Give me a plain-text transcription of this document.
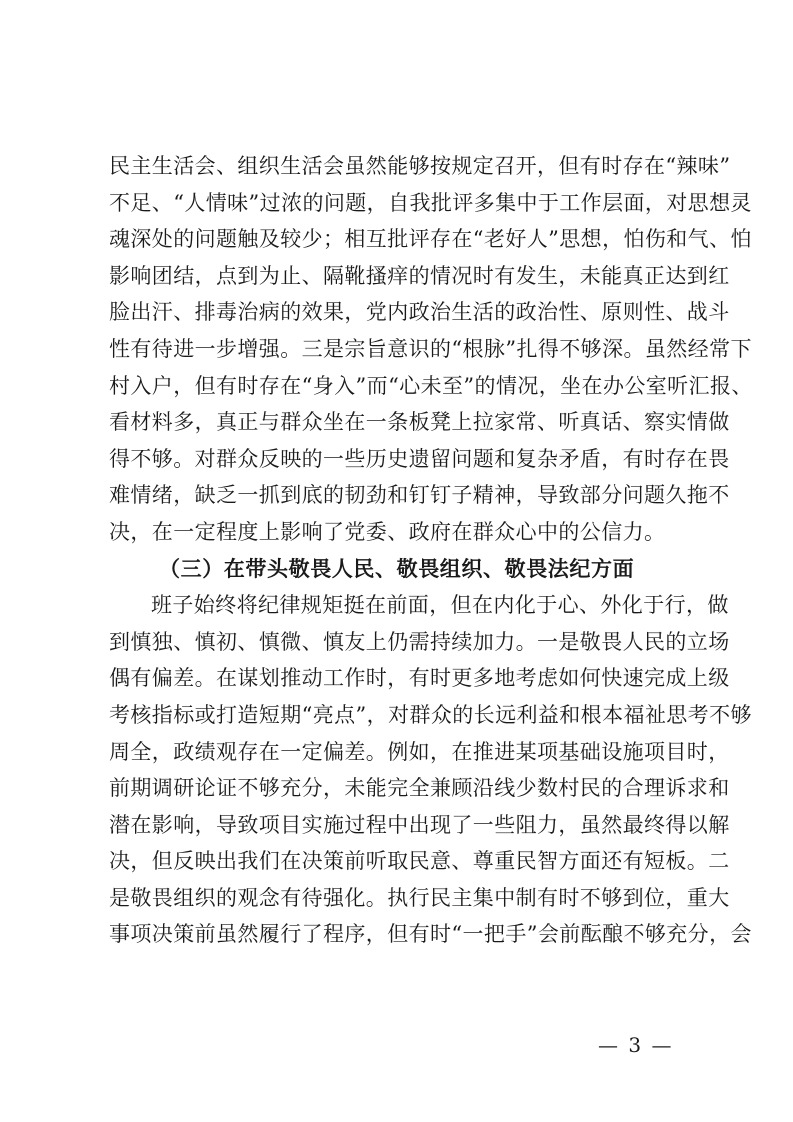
民主生活会、组织生活会虽然能够按规定召开，但有时存在“辣味”
不足、“人情味”过浓的问题，自我批评多集中于工作层面，对思想灵
魂深处的问题触及较少；相互批评存在“老好人”思想，怕伤和气、怕
影响团结，点到为止、隔靴搔痒的情况时有发生，未能真正达到红
脸出汗、排毒治病的效果，党内政治生活的政治性、原则性、战斗
性有待进一步增强。三是宗旨意识的“根脉”扎得不够深。虽然经常下
村入户，但有时存在“身入”而“心未至”的情况，坐在办公室听汇报、
看材料多，真正与群众坐在一条板凳上拉家常、听真话、察实情做
得不够。对群众反映的一些历史遗留问题和复杂矛盾，有时存在畏
难情绪，缺乏一抓到底的韧劲和钉钉子精神，导致部分问题久拖不
决，在一定程度上影响了党委、政府在群众心中的公信力。
（三）在带头敬畏人民、敬畏组织、敬畏法纪方面
班子始终将纪律规矩挺在前面，但在内化于心、外化于行，做
到慎独、慎初、慎微、慎友上仍需持续加力。一是敬畏人民的立场
偶有偏差。在谋划推动工作时，有时更多地考虑如何快速完成上级
考核指标或打造短期“亮点”，对群众的长远利益和根本福祉思考不够
周全，政绩观存在一定偏差。例如，在推进某项基础设施项目时，
前期调研论证不够充分，未能完全兼顾沿线少数村民的合理诉求和
潜在影响，导致项目实施过程中出现了一些阻力，虽然最终得以解
决，但反映出我们在决策前听取民意、尊重民智方面还有短板。二
是敬畏组织的观念有待强化。执行民主集中制有时不够到位，重大
事项决策前虽然履行了程序，但有时“一把手”会前酝酿不够充分，会
— 3 —
